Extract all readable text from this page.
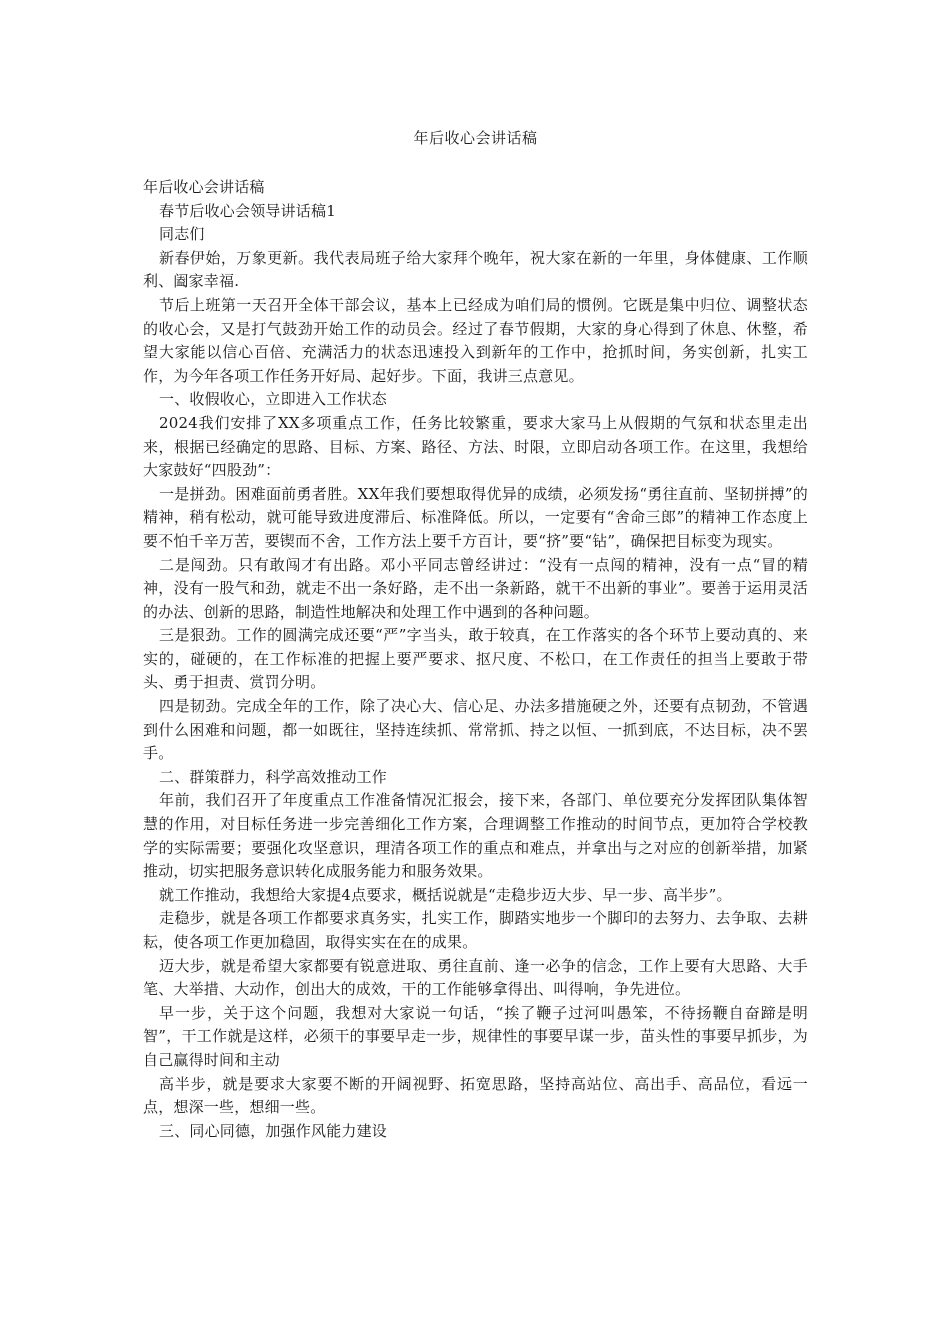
年后收心会讲话稿

年后收心会讲话稿

春节后收心会领导讲话稿1

同志们

新春伊始，万象更新。我代表局班子给大家拜个晚年，祝大家在新的一年里，身体健康、工作顺利、阖家幸福.

节后上班第一天召开全体干部会议，基本上已经成为咱们局的惯例。它既是集中归位、调整状态的收心会，又是打气鼓劲开始工作的动员会。经过了春节假期，大家的身心得到了休息、休整，希望大家能以信心百倍、充满活力的状态迅速投入到新年的工作中，抢抓时间，务实创新，扎实工作，为今年各项工作任务开好局、起好步。下面，我讲三点意见。

一、收假收心，立即进入工作状态

2024我们安排了XX多项重点工作，任务比较繁重，要求大家马上从假期的气氛和状态里走出来，根据已经确定的思路、目标、方案、路径、方法、时限，立即启动各项工作。在这里，我想给大家鼓好“四股劲”：

一是拼劲。困难面前勇者胜。XX年我们要想取得优异的成绩，必须发扬“勇往直前、坚韧拼搏”的精神，稍有松动，就可能导致进度滞后、标准降低。所以，一定要有“舍命三郎”的精神工作态度上要不怕千辛万苦，要锲而不舍，工作方法上要千方百计，要“挤”要“钻”，确保把目标变为现实。

二是闯劲。只有敢闯才有出路。邓小平同志曾经讲过：“没有一点闯的精神，没有一点“冒的精神，没有一股气和劲，就走不出一条好路，走不出一条新路，就干不出新的事业”。要善于运用灵活的办法、创新的思路，制造性地解决和处理工作中遇到的各种问题。

三是狠劲。工作的圆满完成还要“严”字当头，敢于较真，在工作落实的各个环节上要动真的、来实的，碰硬的，在工作标准的把握上要严要求、抠尺度、不松口，在工作责任的担当上要敢于带头、勇于担责、赏罚分明。

四是韧劲。完成全年的工作，除了决心大、信心足、办法多措施硬之外，还要有点韧劲，不管遇到什么困难和问题，都一如既往，坚持连续抓、常常抓、持之以恒、一抓到底，不达目标，决不罢手。

二、群策群力，科学高效推动工作

年前，我们召开了年度重点工作准备情况汇报会，接下来，各部门、单位要充分发挥团队集体智慧的作用，对目标任务进一步完善细化工作方案，合理调整工作推动的时间节点，更加符合学校教学的实际需要；要强化攻坚意识，理清各项工作的重点和难点，并拿出与之对应的创新举措，加紧推动，切实把服务意识转化成服务能力和服务效果。

就工作推动，我想给大家提4点要求，概括说就是“走稳步迈大步、早一步、高半步”。

走稳步，就是各项工作都要求真务实，扎实工作，脚踏实地步一个脚印的去努力、去争取、去耕耘，使各项工作更加稳固，取得实实在在的成果。

迈大步，就是希望大家都要有锐意进取、勇往直前、逢一必争的信念，工作上要有大思路、大手笔、大举措、大动作，创出大的成效，干的工作能够拿得出、叫得响，争先进位。

早一步，关于这个问题，我想对大家说一句话，“挨了鞭子过河叫愚笨，不待扬鞭自奋蹄是明智”，干工作就是这样，必须干的事要早走一步，规律性的事要早谋一步，苗头性的事要早抓步，为自己赢得时间和主动

高半步，就是要求大家要不断的开阔视野、拓宽思路，坚持高站位、高出手、高品位，看远一点，想深一些，想细一些。

三、同心同德，加强作风能力建设
